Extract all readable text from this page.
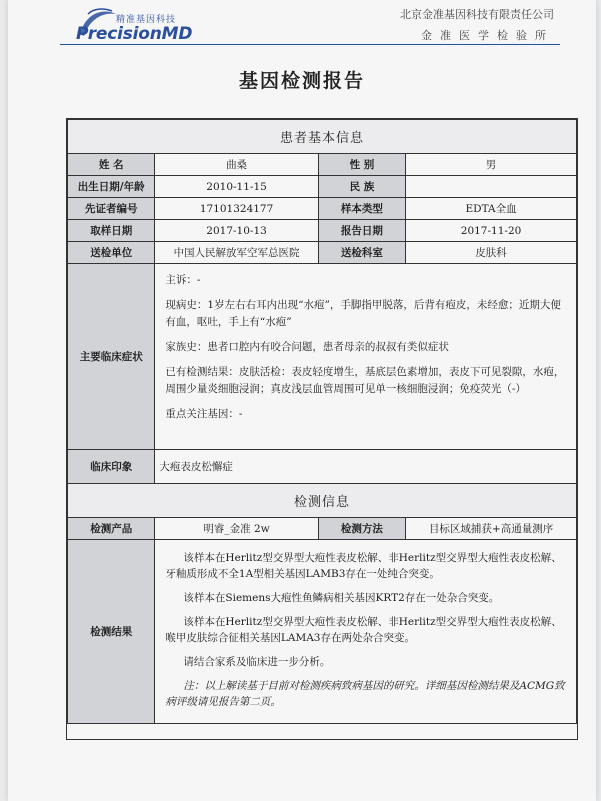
精准基因科技
PrecisionMD
北京金准基因科技有限责任公司
金准医学检验所
基因检测报告
患者基本信息			
姓 名	曲桑	性 别	男
出生日期/年龄	2010-11-15	民 族	
先证者编号	17101324177	样本类型	EDTA全血
取样日期	2017-10-13	报告日期	2017-11-20
送检单位	中国人民解放军空军总医院	送检科室	皮肤科
主要临床症状	主诉：-
现病史：1岁左右右耳内出现“水疱”，手脚指甲脱落，后背有疱皮，未经愈；近期大便有血，呕吐，手上有“水疱”
家族史：患者口腔内有咬合问题，患者母亲的叔叔有类似症状
已有检测结果：皮肤活检：表皮轻度增生，基底层色素增加，表皮下可见裂隙，水疱，周围少量炎细胞浸润；真皮浅层血管周围可见单一核细胞浸润；免疫荧光（-）
重点关注基因：-		

临床印象	大疱表皮松懈症		
检测信息			
检测产品	明睿_金准 2w	检测方法	目标区域捕获+高通量测序
检测结果	该样本在Herlitz型交界型大疱性表皮松解、非Herlitz型交界型大疱性表皮松解、牙釉质形成不全1A型相关基因LAMB3存在一处纯合突变。
该样本在Siemens大疱性鱼鳞病相关基因KRT2存在一处杂合突变。
该样本在Herlitz型交界型大疱性表皮松解、非Herlitz型交界型大疱性表皮松解、喉甲皮肤综合征相关基因LAMA3存在两处杂合突变。
请结合家系及临床进一步分析。
注：以上解读基于目前对检测疾病致病基因的研究。详细基因检测结果及ACMG致病评级请见报告第二页。		
